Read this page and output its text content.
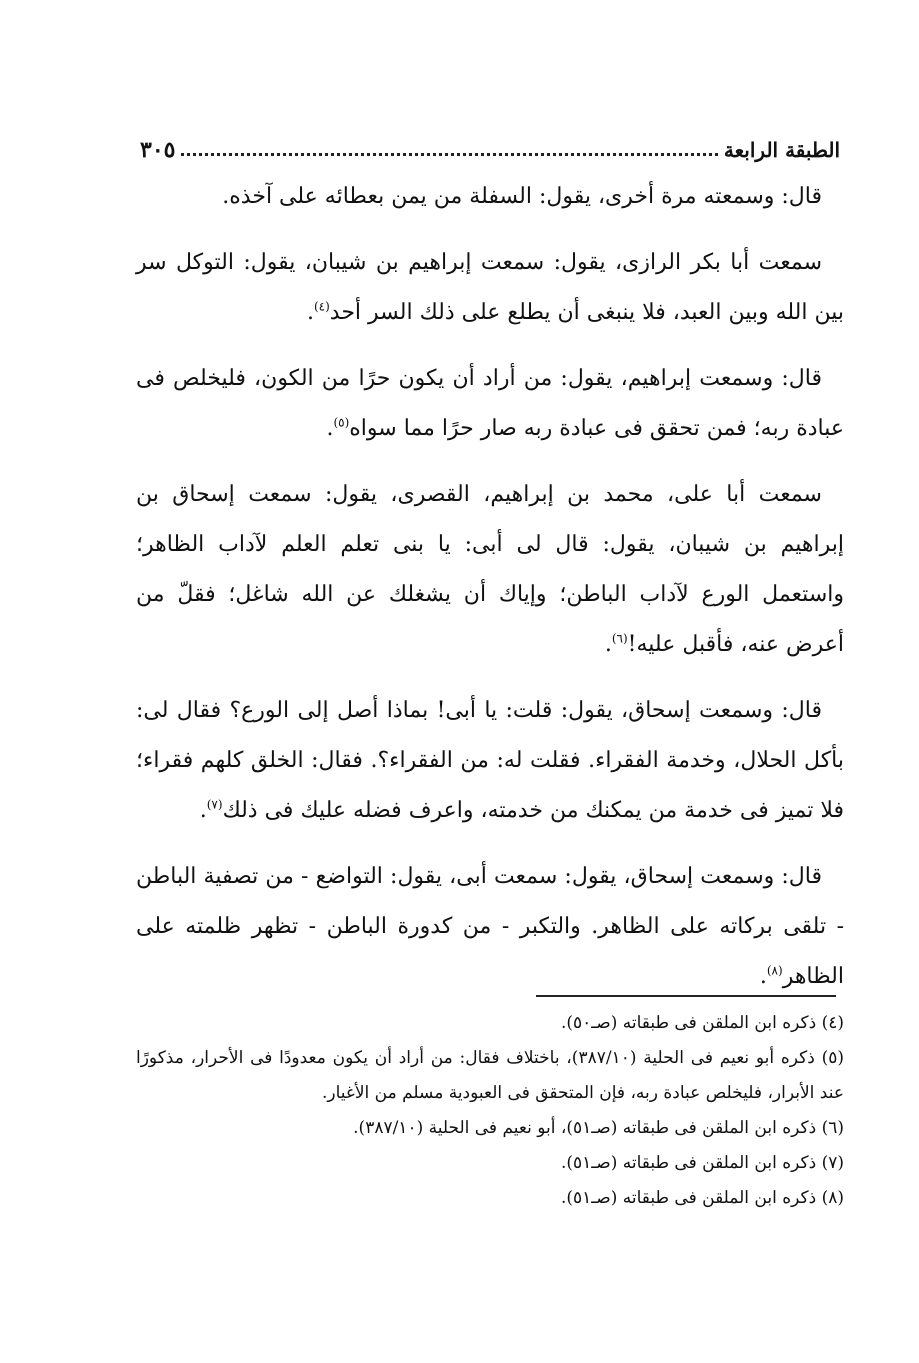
الطبقة الرابعة
٣٠٥

قال: وسمعته مرة أخرى، يقول: السفلة من يمن بعطائه على آخذه.

سمعت أبا بكر الرازى، يقول: سمعت إبراهيم بن شيبان، يقول: التوكل سر بين الله وبين العبد، فلا ينبغى أن يطلع على ذلك السر أحد$^{(٤)}$.

قال: وسمعت إبراهيم، يقول: من أراد أن يكون حرًا من الكون، فليخلص فى عبادة ربه؛ فمن تحقق فى عبادة ربه صار حرًا مما سواه$^{(٥)}$.

سمعت أبا على، محمد بن إبراهيم، القصرى، يقول: سمعت إسحاق بن إبراهيم بن شيبان، يقول: قال لى أبى: يا بنى تعلم العلم لآداب الظاهر؛ واستعمل الورع لآداب الباطن؛ وإياك أن يشغلك عن الله شاغل؛ فقلّ من أعرض عنه، فأقبل عليه!$^{(٦)}$.

قال: وسمعت إسحاق، يقول: قلت: يا أبى! بماذا أصل إلى الورع؟ فقال لى: بأكل الحلال، وخدمة الفقراء. فقلت له: من الفقراء؟. فقال: الخلق كلهم فقراء؛ فلا تميز فى خدمة من يمكنك من خدمته، واعرف فضله عليك فى ذلك$^{(٧)}$.

قال: وسمعت إسحاق، يقول: سمعت أبى، يقول: التواضع - من تصفية الباطن - تلقى بركاته على الظاهر. والتكبر - من كدورة الباطن - تظهر ظلمته على الظاهر$^{(٨)}$.

(٤) ذكره ابن الملقن فى طبقاته (صـ٥٠).

(٥) ذكره أبو نعيم فى الحلية (٣٨٧/١٠)، باختلاف فقال: من أراد أن يكون معدودًا فى الأحرار، مذكورًا عند الأبرار، فليخلص عبادة ربه، فإن المتحقق فى العبودية مسلم من الأغيار.

(٦) ذكره ابن الملقن فى طبقاته (صـ٥١)، أبو نعيم فى الحلية (٣٨٧/١٠).

(٧) ذكره ابن الملقن فى طبقاته (صـ٥١).

(٨) ذكره ابن الملقن فى طبقاته (صـ٥١).
